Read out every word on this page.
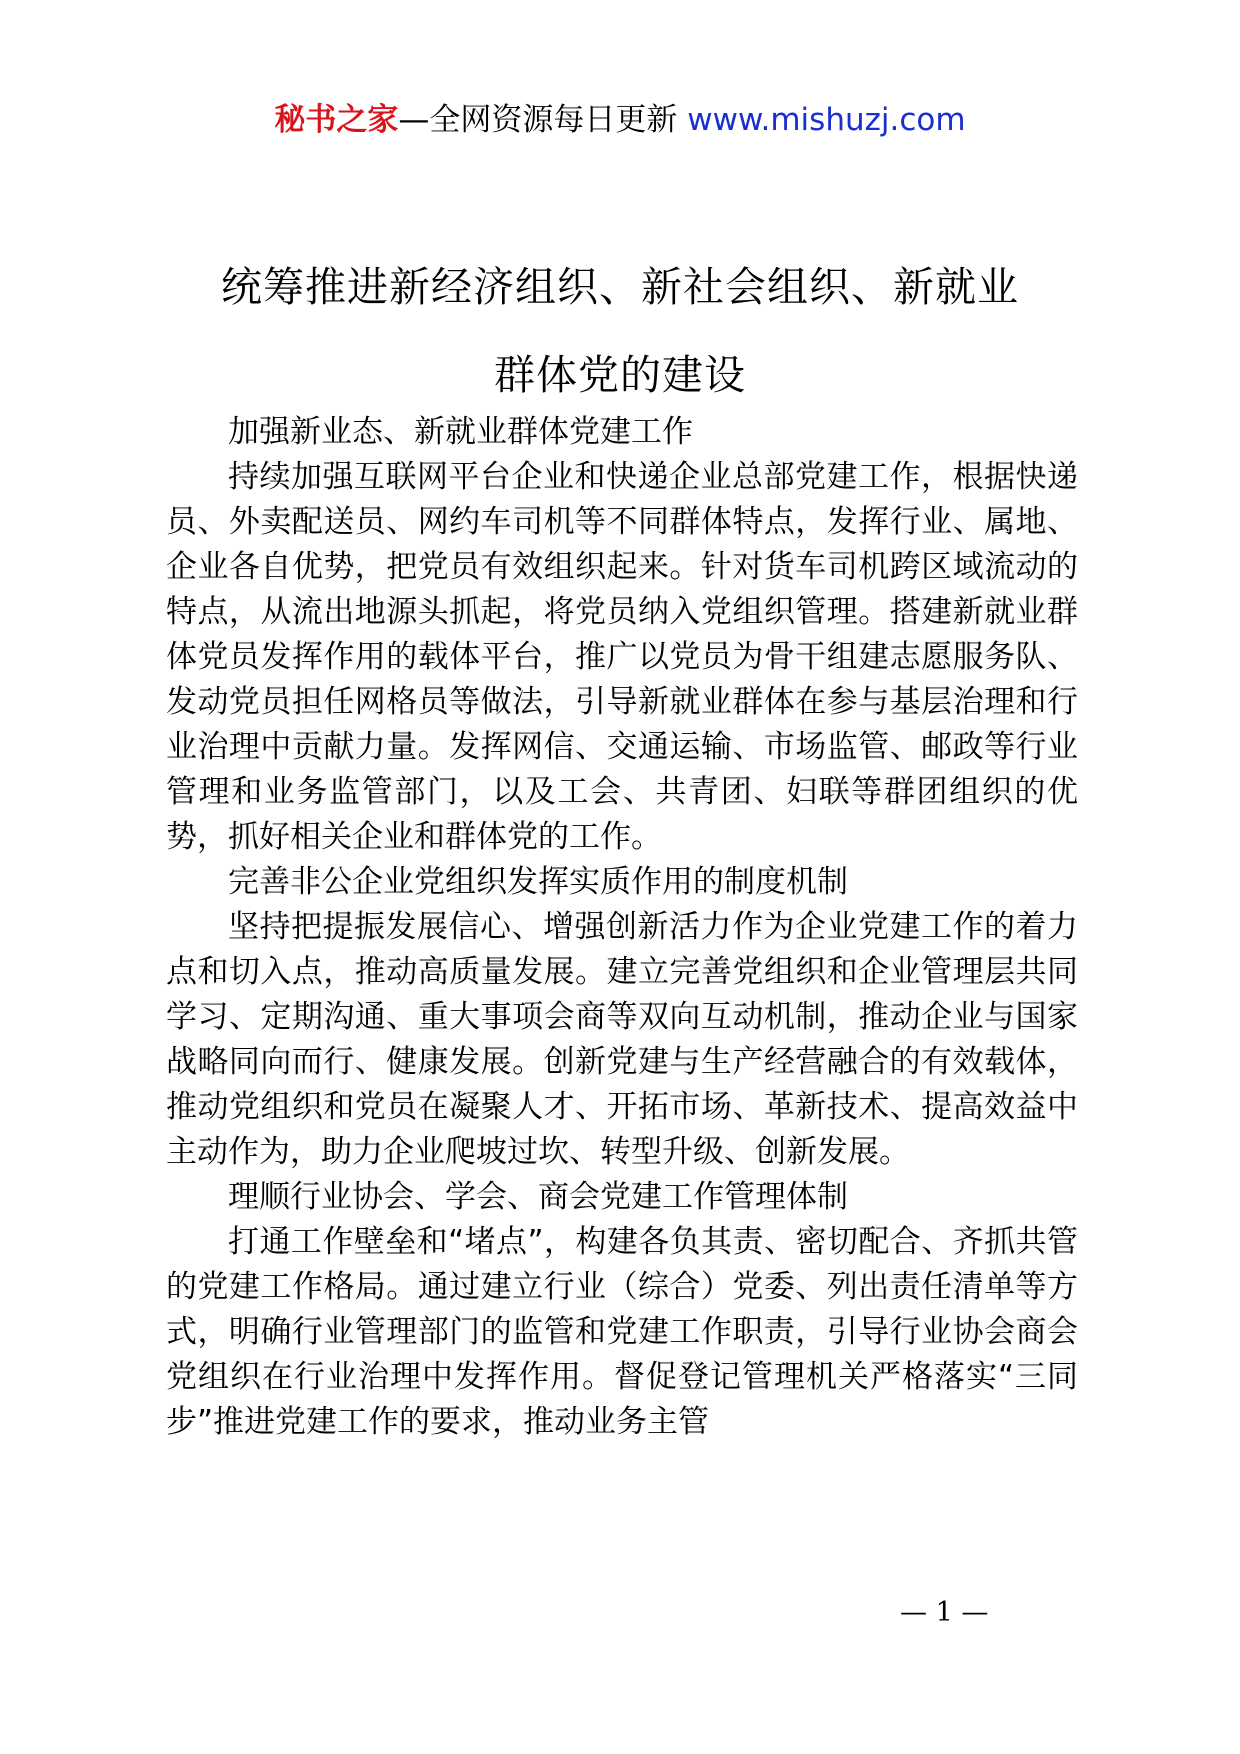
秘书之家—全网资源每日更新 www.mishuzj.com
统筹推进新经济组织、新社会组织、新就业
群体党的建设

加强新业态、新就业群体党建工作

持续加强互联网平台企业和快递企业总部党建工作，根据快递员、外卖配送员、网约车司机等不同群体特点，发挥行业、属地、企业各自优势，把党员有效组织起来。针对货车司机跨区域流动的特点，从流出地源头抓起，将党员纳入党组织管理。搭建新就业群体党员发挥作用的载体平台，推广以党员为骨干组建志愿服务队、发动党员担任网格员等做法，引导新就业群体在参与基层治理和行业治理中贡献力量。发挥网信、交通运输、市场监管、邮政等行业管理和业务监管部门，以及工会、共青团、妇联等群团组织的优势，抓好相关企业和群体党的工作。

完善非公企业党组织发挥实质作用的制度机制

坚持把提振发展信心、增强创新活力作为企业党建工作的着力点和切入点，推动高质量发展。建立完善党组织和企业管理层共同学习、定期沟通、重大事项会商等双向互动机制，推动企业与国家战略同向而行、健康发展。创新党建与生产经营融合的有效载体，推动党组织和党员在凝聚人才、开拓市场、革新技术、提高效益中主动作为，助力企业爬坡过坎、转型升级、创新发展。

理顺行业协会、学会、商会党建工作管理体制

打通工作壁垒和“堵点”，构建各负其责、密切配合、齐抓共管的党建工作格局。通过建立行业（综合）党委、列出责任清单等方式，明确行业管理部门的监管和党建工作职责，引导行业协会商会党组织在行业治理中发挥作用。督促登记管理机关严格落实“三同步”推进党建工作的要求，推动业务主管

— 1 —
